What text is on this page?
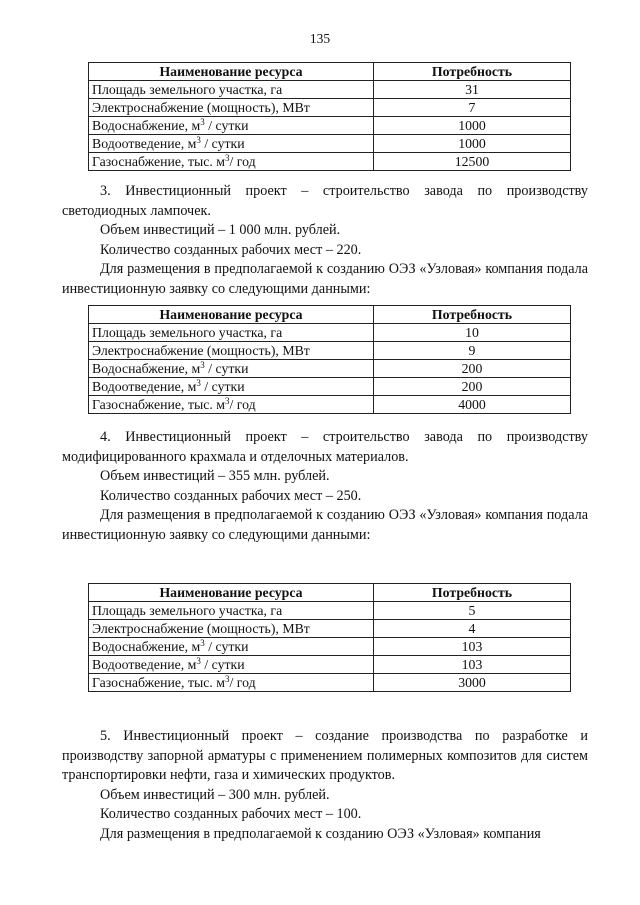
135
Наименование ресурса	Потребность
Площадь земельного участка, га	31
Электроснабжение (мощность), МВт	7
Водоснабжение, $м^3$ / сутки	1000
Водоотведение, $м^3$ / сутки	1000
Газоснабжение, тыс. $м^3/$ год	12500

3. Инвестиционный проект – строительство завода по производству светодиодных лампочек.

Объем инвестиций – 1 000 млн. рублей.

Количество созданных рабочих мест – 220.

Для размещения в предполагаемой к созданию ОЭЗ «Узловая» компания подала инвестиционную заявку со следующими данными:

Наименование ресурса	Потребность
Площадь земельного участка, га	10
Электроснабжение (мощность), МВт	9
Водоснабжение, $м^3$ / сутки	200
Водоотведение, $м^3$ / сутки	200
Газоснабжение, тыс. $м^3/$ год	4000

4. Инвестиционный проект – строительство завода по производству модифицированного крахмала и отделочных материалов.

Объем инвестиций – 355 млн. рублей.

Количество созданных рабочих мест – 250.

Для размещения в предполагаемой к созданию ОЭЗ «Узловая» компания подала инвестиционную заявку со следующими данными:

Наименование ресурса	Потребность
Площадь земельного участка, га	5
Электроснабжение (мощность), МВт	4
Водоснабжение, $м^3$ / сутки	103
Водоотведение, $м^3$ / сутки	103
Газоснабжение, тыс. $м^3/$ год	3000

5. Инвестиционный проект – создание производства по разработке и производству запорной арматуры с применением полимерных композитов для систем транспортировки нефти, газа и химических продуктов.

Объем инвестиций – 300 млн. рублей.

Количество созданных рабочих мест – 100.

Для размещения в предполагаемой к созданию ОЭЗ «Узловая» компания
